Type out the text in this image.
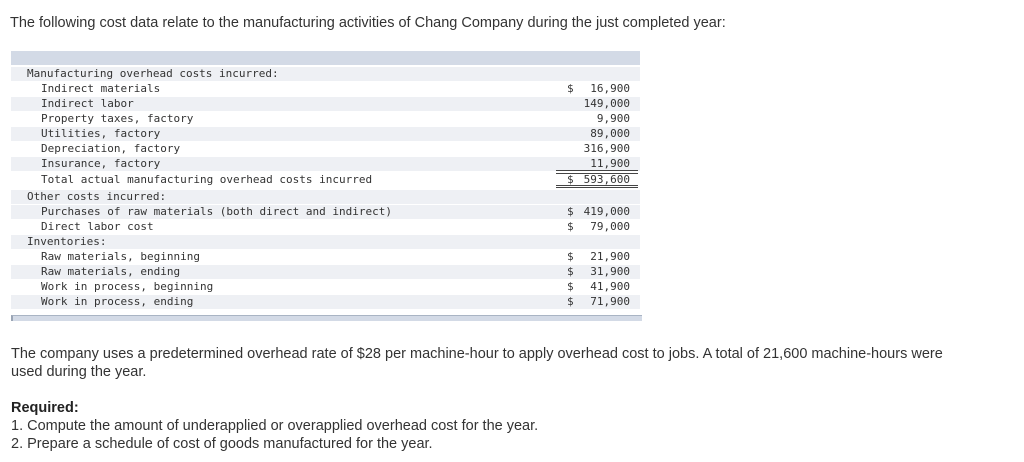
The following cost data relate to the manufacturing activities of Chang Company during the just completed year:
Manufacturing overhead costs incurred:
Indirect materials	$ 16,900
Indirect labor	149,000
Property taxes, factory	9,900
Utilities, factory	89,000
Depreciation, factory	316,900
Insurance, factory	11,900
Total actual manufacturing overhead costs incurred	$ 593,600
Other costs incurred:
Purchases of raw materials (both direct and indirect)	$ 419,000
Direct labor cost	$ 79,000
Inventories:
Raw materials, beginning	$ 21,900
Raw materials, ending	$ 31,900
Work in process, beginning	$ 41,900
Work in process, ending	$ 71,900
The company uses a predetermined overhead rate of $28 per machine-hour to apply overhead cost to jobs. A total of 21,600 machine-hours were used during the year.
Required:
1. Compute the amount of underapplied or overapplied overhead cost for the year.
2. Prepare a schedule of cost of goods manufactured for the year.
